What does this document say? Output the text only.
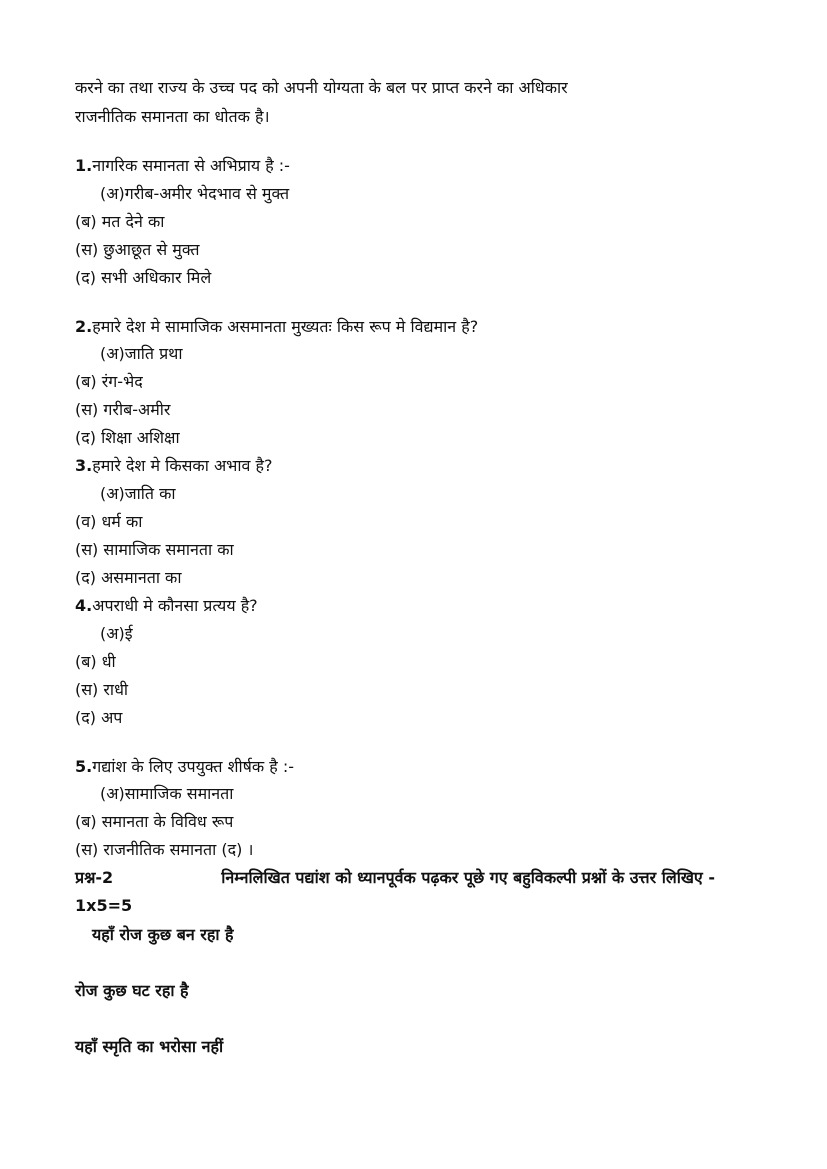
करने का तथा राज्य के उच्च पद को अपनी योग्यता के बल पर प्राप्त करने का अधिकार
राजनीतिक समानता का धोतक है।
1. नागरिक समानता से अभिप्राय है :-
(अ)गरीब-अमीर भेदभाव से मुक्त
(ब) मत देने का
(स) छुआछूत से मुक्त
(द) सभी अधिकार मिले
2. हमारे देश मे सामाजिक असमानता मुख्यतः किस रूप मे विद्यमान है?
(अ)जाति प्रथा
(ब) रंग-भेद
(स) गरीब-अमीर
(द) शिक्षा अशिक्षा
3. हमारे देश मे किसका अभाव है?
(अ)जाति का
(व) धर्म का
(स) सामाजिक समानता का
(द) असमानता का
4. अपराधी मे कौनसा प्रत्यय है?
(अ)ई
(ब) धी
(स) राधी
(द) अप
5. गद्यांश के लिए उपयुक्त शीर्षक है :-
(अ)सामाजिक समानता
(ब) समानता के विविध रूप
(स) राजनीतिक समानता (द) ।
प्रश्न-2	निम्नलिखित पद्यांश को ध्यानपूर्वक पढ़कर पूछे गए बहुविकल्पी प्रश्नों के उत्तर लिखिए -
1x5=5
यहाँ रोज कुछ बन रहा है
रोज कुछ घट रहा है
यहाँ स्मृति का भरोसा नहीं
